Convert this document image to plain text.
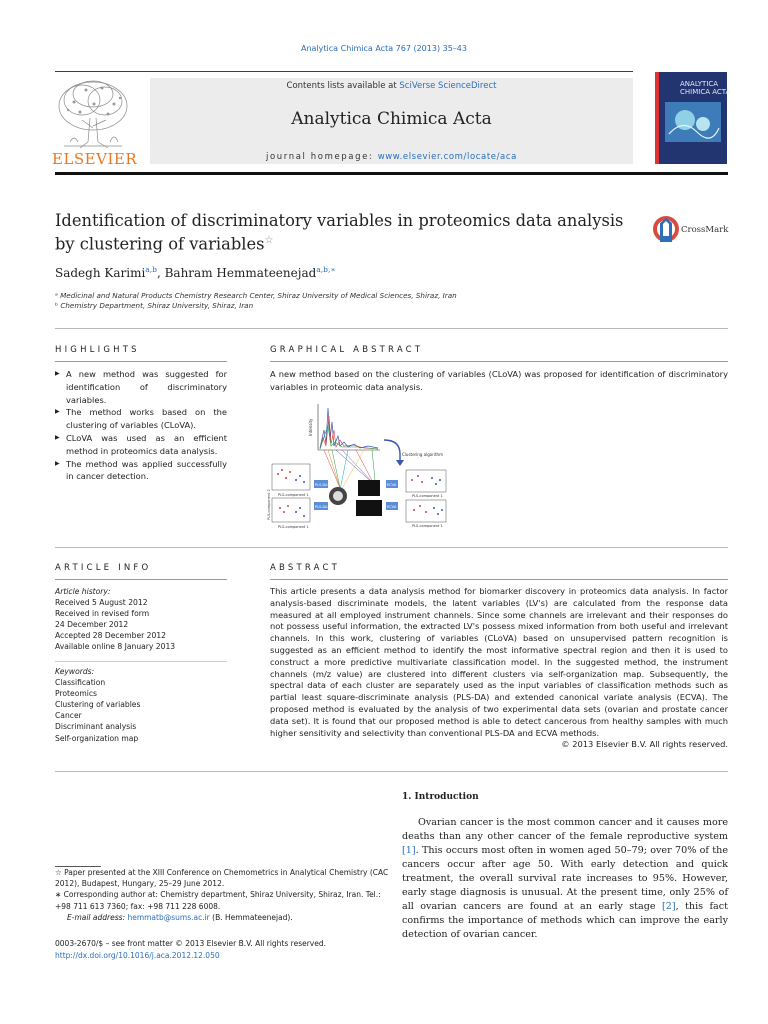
Analytica Chimica Acta 767 (2013) 35–43
ELSEVIER
Contents lists available at SciVerse ScienceDirect
Analytica Chimica Acta
journal homepage: www.elsevier.com/locate/aca
ANALYTICA
CHIMICA ACTA
Identification of discriminatory variables in proteomics data analysis
by clustering of variables☆
CrossMark
Sadegh Karimi$^{a,b}$, Bahram Hemmateenejad$^{a,b,∗}$
ᵃ Medicinal and Natural Products Chemistry Research Center, Shiraz University of Medical Sciences, Shiraz, Iran
ᵇ Chemistry Department, Shiraz University, Shiraz, Iran
HIGHLIGHTS
▶ A new method was suggested for identification of discriminatory variables.
▶ The method works based on the clustering of variables (CLoVA).
▶ CLoVA was used as an efficient method in proteomics data analysis.
▶ The method was applied successfully in cancer detection.
GRAPHICAL ABSTRACT
A new method based on the clustering of variables (CLoVA) was proposed for identification of discriminatory variables in proteomic data analysis.
Intensity
Clustering algorithm
PLS-component 1
PLS-component 1
PLS-component 1
PLS-component 1
PLS-component 2
PLS-DA
PLS-DA
ECVA
ECVA
ARTICLE INFO
Article history:
Received 5 August 2012
Received in revised form
24 December 2012
Accepted 28 December 2012
Available online 8 January 2013
Keywords:
Classification
Proteomics
Clustering of variables
Cancer
Discriminant analysis
Self-organization map
ABSTRACT
This article presents a data analysis method for biomarker discovery in proteomics data analysis. In factor analysis-based discriminate models, the latent variables (LV's) are calculated from the response data measured at all employed instrument channels. Since some channels are irrelevant and their responses do not possess useful information, the extracted LV's possess mixed information from both useful and irrelevant channels. In this work, clustering of variables (CLoVA) based on unsupervised pattern recognition is suggested as an efficient method to identify the most informative spectral region and then it is used to construct a more predictive multivariate classification model. In the suggested method, the instrument channels (m/z value) are clustered into different clusters via self-organization map. Subsequently, the spectral data of each cluster are separately used as the input variables of classification methods such as partial least square-discriminate analysis (PLS-DA) and extended canonical variate analysis (ECVA). The proposed method is evaluated by the analysis of two experimental data sets (ovarian and prostate cancer data set). It is found that our proposed method is able to detect cancerous from healthy samples with much higher sensitivity and selectivity than conventional PLS-DA and ECVA methods.
© 2013 Elsevier B.V. All rights reserved.
1. Introduction
Ovarian cancer is the most common cancer and it causes more deaths than any other cancer of the female reproductive system [1]. This occurs most often in women aged 50–79; over 70% of the cancers occur after age 50. With early detection and quick treatment, the overall survival rate increases to 95%. However, early stage diagnosis is unusual. At the present time, only 25% of all ovarian cancers are found at an early stage [2], this fact confirms the importance of methods which can improve the early detection of ovarian cancer.
☆ Paper presented at the XIII Conference on Chemometrics in Analytical Chemistry (CAC 2012), Budapest, Hungary, 25–29 June 2012.
∗ Corresponding author at: Chemistry department, Shiraz University, Shiraz, Iran. Tel.: +98 711 613 7360; fax: +98 711 228 6008.
E-mail address: hemmatb@sums.ac.ir (B. Hemmateenejad).
0003-2670/$ – see front matter © 2013 Elsevier B.V. All rights reserved.
http://dx.doi.org/10.1016/j.aca.2012.12.050
